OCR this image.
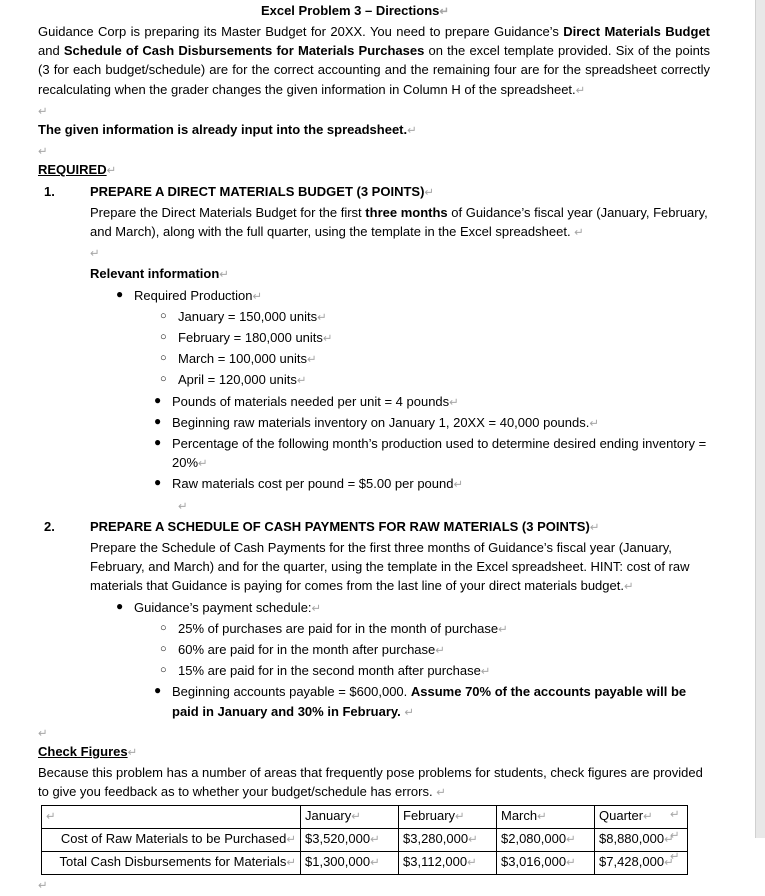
Excel Problem 3 – Directions↵

Guidance Corp is preparing its Master Budget for 20XX. You need to prepare Guidance’s Direct Materials Budget and Schedule of Cash Disbursements for Materials Purchases on the excel template provided. Six of the points (3 for each budget/schedule) are for the correct accounting and the remaining four are for the spreadsheet correctly recalculating when the grader changes the given information in Column H of the spreadsheet.↵

↵

The given information is already input into the spreadsheet.↵

↵

REQUIRED↵

1.	PREPARE A DIRECT MATERIALS BUDGET (3 POINTS)↵

Prepare the Direct Materials Budget for the first three months of Guidance’s fiscal year (January, February, and March), along with the full quarter, using the template in the Excel spreadsheet. ↵

↵

Relevant information↵

● Required Production↵

○ January = 150,000 units↵

○ February = 180,000 units↵

○ March = 100,000 units↵

○ April = 120,000 units↵

● Pounds of materials needed per unit = 4 pounds↵

● Beginning raw materials inventory on January 1, 20XX = 40,000 pounds.↵

● Percentage of the following month’s production used to determine desired ending inventory = 20%↵

● Raw materials cost per pound = $5.00 per pound↵

↵

2.	PREPARE A SCHEDULE OF CASH PAYMENTS FOR RAW MATERIALS (3 POINTS)↵

Prepare the Schedule of Cash Payments for the first three months of Guidance’s fiscal year (January, February, and March) and for the quarter, using the template in the Excel spreadsheet. HINT: cost of raw materials that Guidance is paying for comes from the last line of your direct materials budget.↵

● Guidance’s payment schedule:↵

○ 25% of purchases are paid for in the month of purchase↵

○ 60% are paid for in the month after purchase↵

○ 15% are paid for in the second month after purchase↵

● Beginning accounts payable = $600,000. Assume 70% of the accounts payable will be paid in January and 30% in February. ↵

↵

Check Figures↵

Because this problem has a number of areas that frequently pose problems for students, check figures are provided to give you feedback as to whether your budget/schedule has errors. ↵

↵	January↵	February↵	March↵	Quarter↵
Cost of Raw Materials to be Purchased↵	$3,520,000↵	$3,280,000↵	$2,080,000↵	$8,880,000↵
Total Cash Disbursements for Materials↵	$1,300,000↵	$3,112,000↵	$3,016,000↵	$7,428,000↵
↵
↵
↵

↵
